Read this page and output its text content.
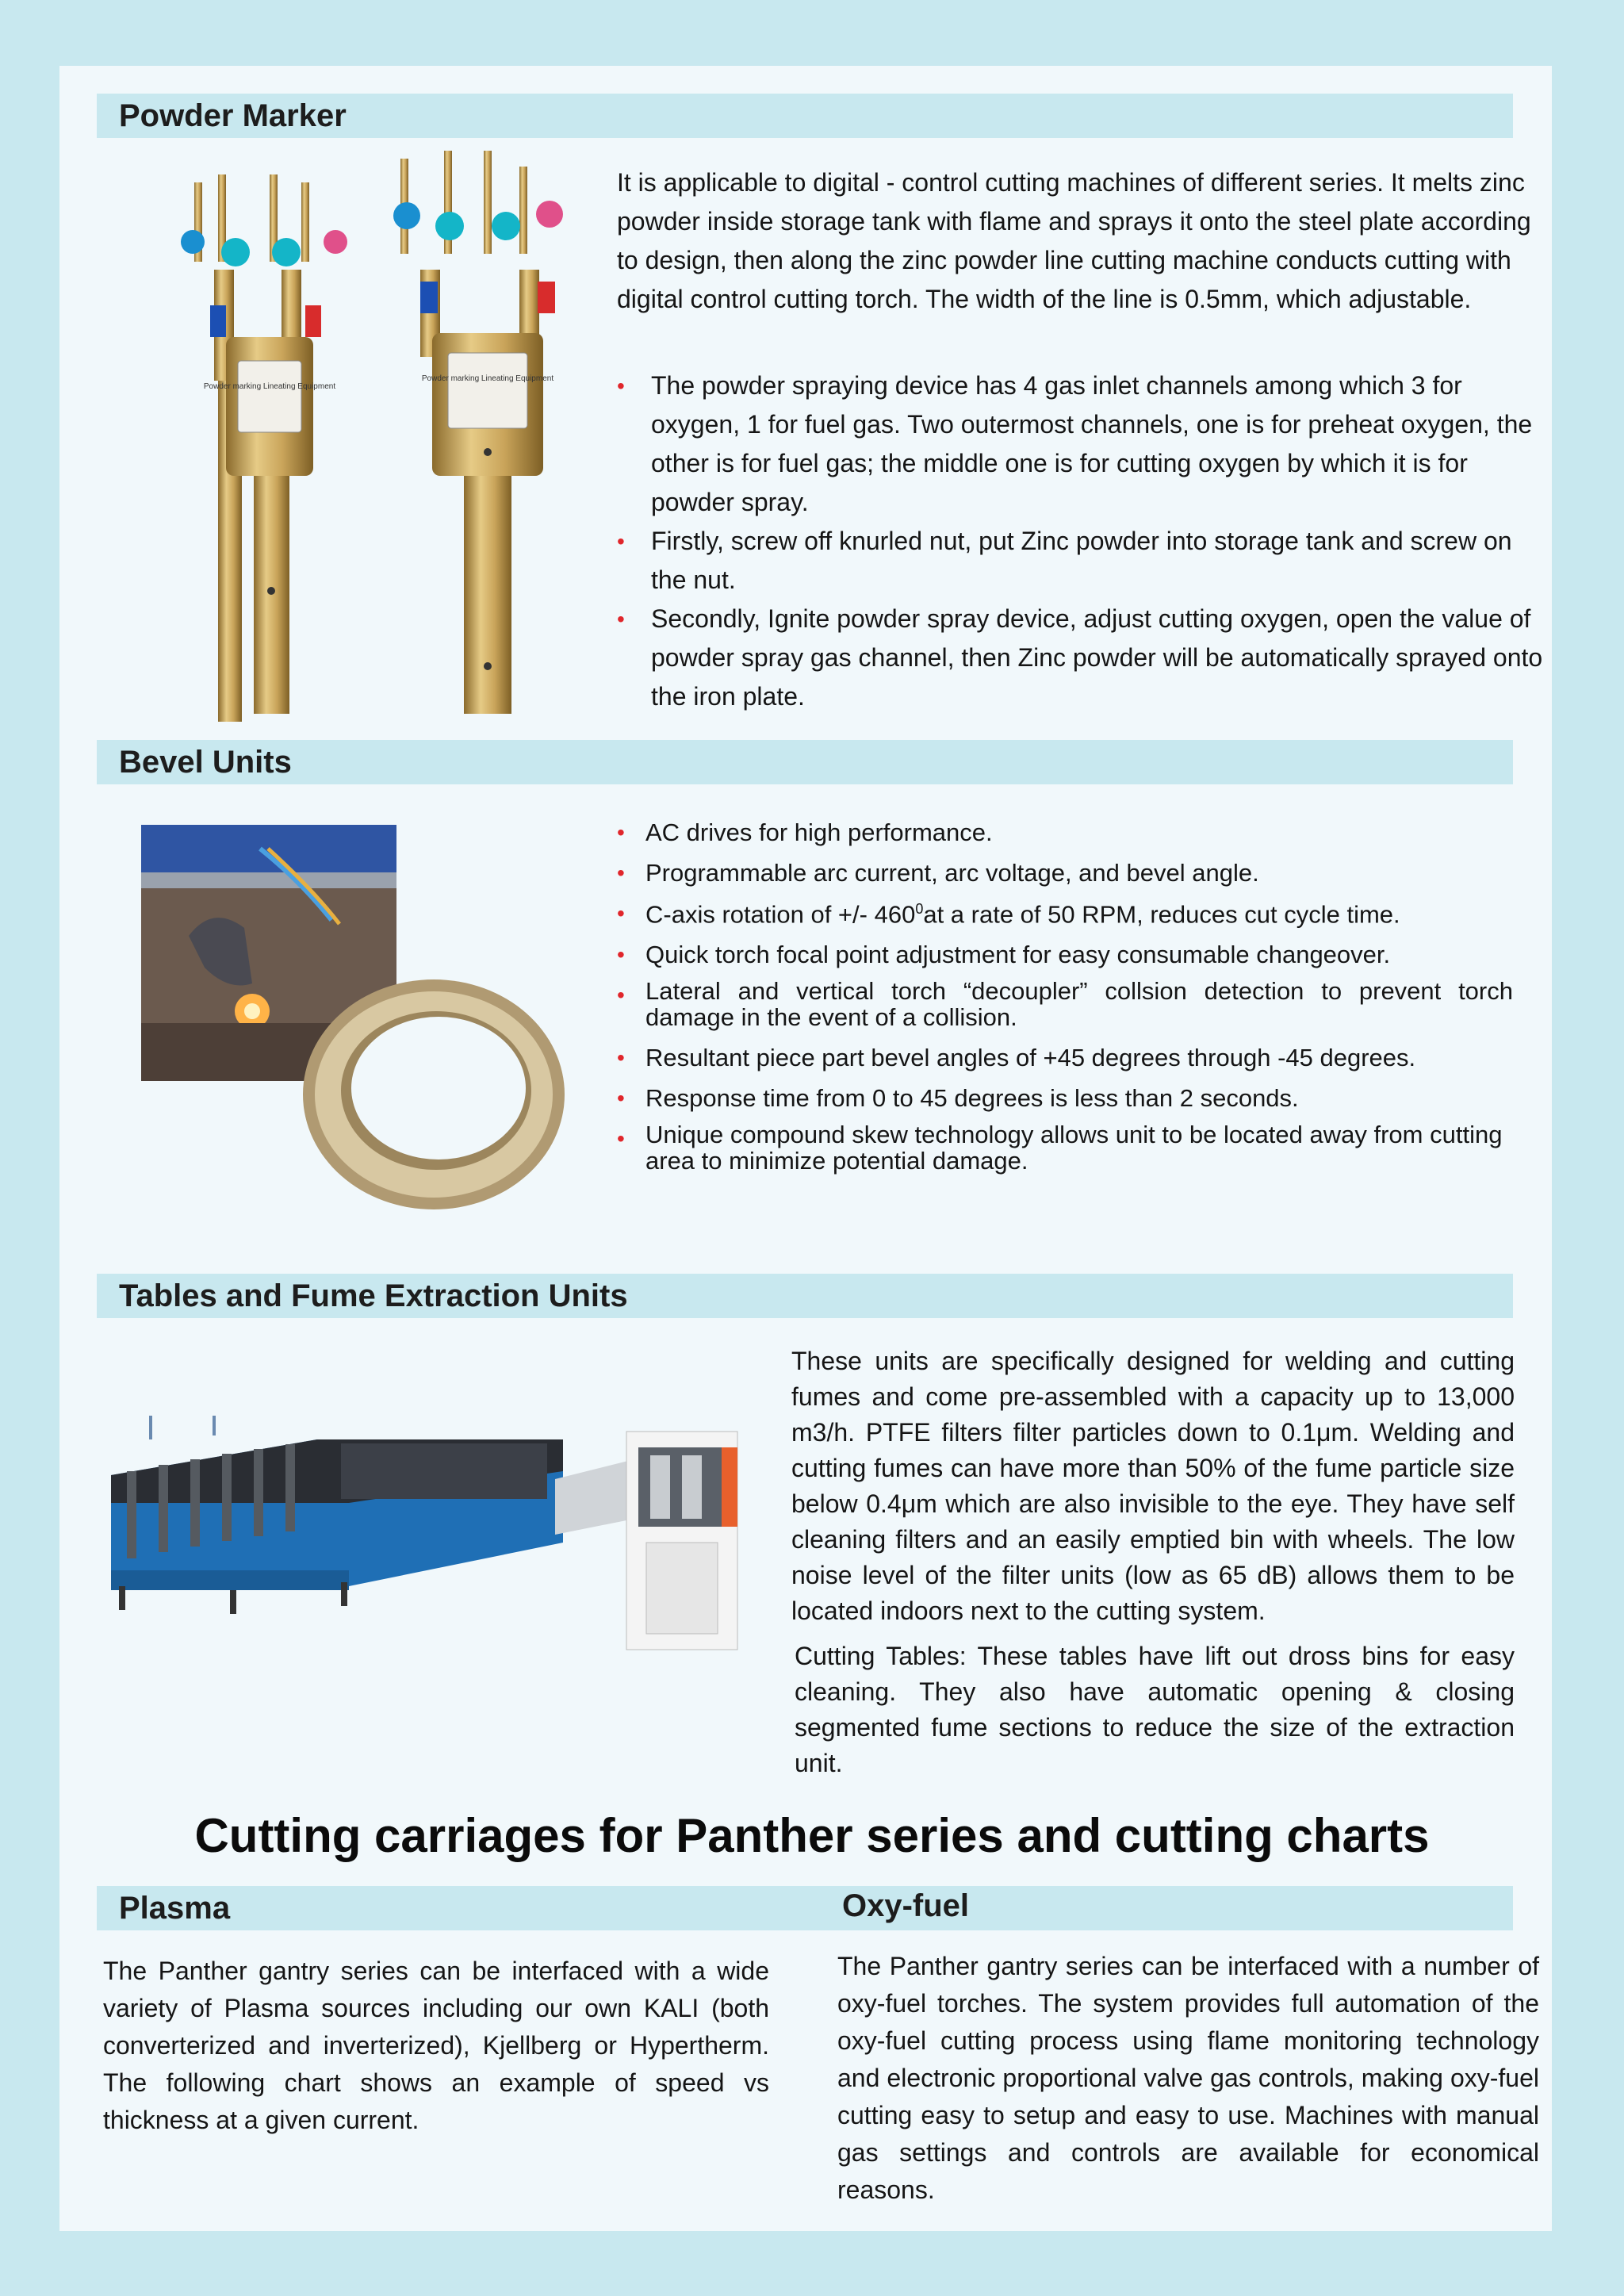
Powder Marker
Powder marking Lineating Equipment
Powder marking Lineating Equipment
It is applicable to digital - control cutting machines of different series. It melts zinc powder inside storage tank with flame and sprays it onto the steel plate according to design, then along the zinc powder line cutting machine conducts cutting with digital control cutting torch. The width of the line is 0.5mm, which adjustable.
• The powder spraying device has 4 gas inlet channels among which 3 for oxygen, 1 for fuel gas. Two outermost channels, one is for preheat oxygen, the other is for fuel gas; the middle one is for cutting oxygen by which it is for powder spray.
• Firstly, screw off knurled nut, put Zinc powder into storage tank and screw on the nut.
• Secondly, Ignite powder spray device, adjust cutting oxygen, open the value of powder spray gas channel, then Zinc powder will be automatically sprayed onto the iron plate.
Bevel Units
• AC drives for high performance.
• Programmable arc current, arc voltage, and bevel angle.
• C-axis rotation of +/- $460^0at$ a rate of 50 RPM, reduces cut cycle time.
• Quick torch focal point adjustment for easy consumable changeover.
• Lateral and vertical torch “decoupler” collsion detection to prevent torch damage in the event of a collision.
• Resultant piece part bevel angles of +45 degrees through -45 degrees.
• Response time from 0 to 45 degrees is less than 2 seconds.
• Unique compound skew technology allows unit to be located away from cutting area to minimize potential damage.
Tables and Fume Extraction Units
These units are specifically designed for welding and cutting fumes and come pre-assembled with a capacity up to 13,000 m3/h. PTFE filters filter particles down to 0.1μm. Welding and cutting fumes can have more than 50% of the fume particle size below 0.4μm which are also invisible to the eye. They have self cleaning filters and an easily emptied bin with wheels. The low noise level of the filter units (low as 65 dB) allows them to be located indoors next to the cutting system.
Cutting Tables: These tables have lift out dross bins for easy cleaning. They also have automatic opening & closing segmented fume sections to reduce the size of the extraction unit.
Cutting carriages for Panther series and cutting charts
Plasma	Oxy-fuel
The Panther gantry series can be interfaced with a wide variety of Plasma sources including our own KALI (both converterized and inverterized), Kjellberg or Hypertherm. The following chart shows an example of speed vs thickness at a given current.
The Panther gantry series can be interfaced with a number of oxy-fuel torches. The system provides full automation of the oxy-fuel cutting process using flame monitoring technology and electronic proportional valve gas controls, making oxy-fuel cutting easy to setup and easy to use. Machines with manual gas settings and controls are available for economical reasons.
